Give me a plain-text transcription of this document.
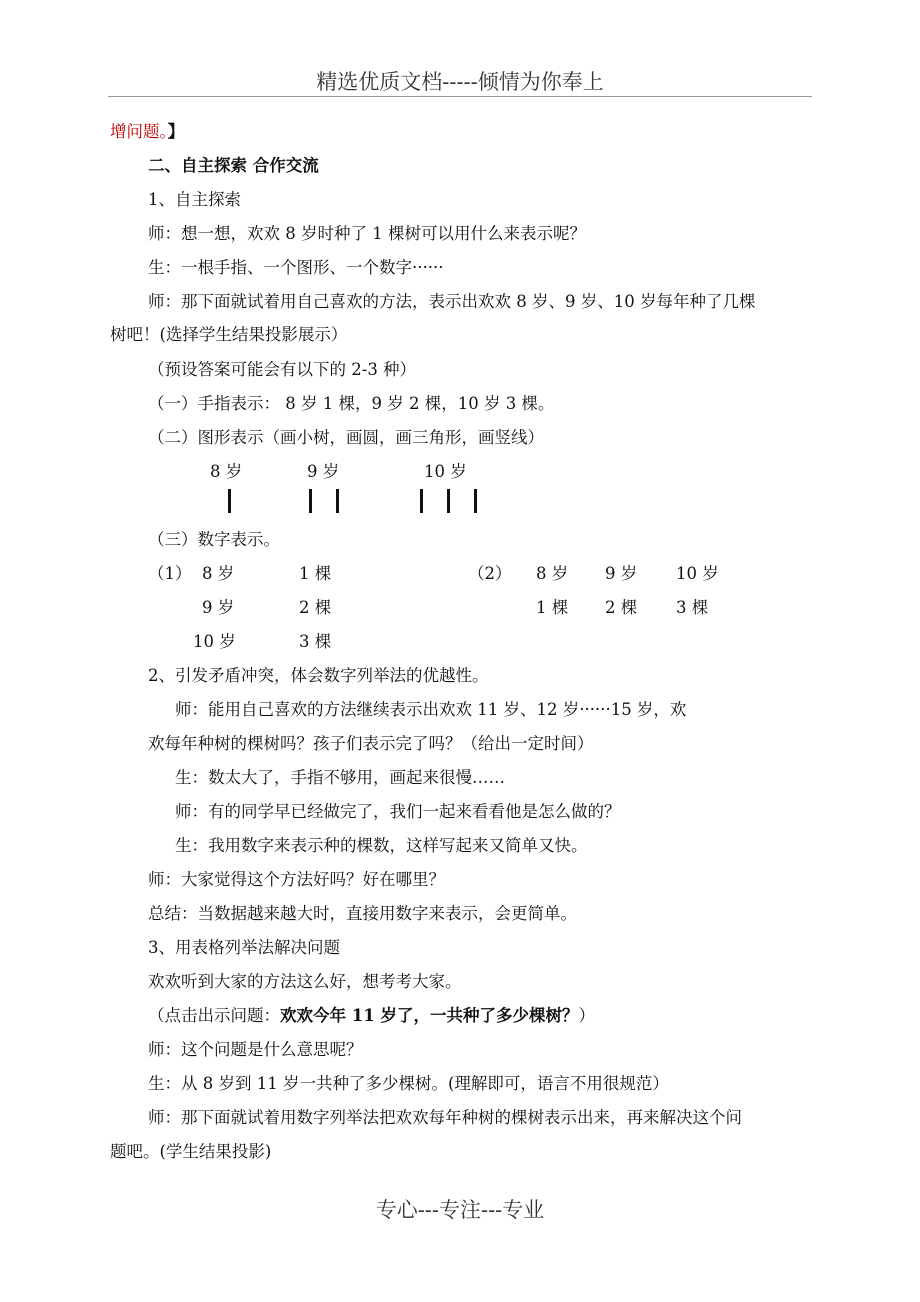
精选优质文档-----倾情为你奉上
增问题。】
二、自主探索 合作交流
1、自主探索
师：想一想，欢欢 8 岁时种了 1 棵树可以用什么来表示呢？
生：一根手指、一个图形、一个数字······
师：那下面就试着用自己喜欢的方法，表示出欢欢 8 岁、9 岁、10 岁每年种了几棵
树吧！(选择学生结果投影展示）
（预设答案可能会有以下的 2-3 种）
（一）手指表示： 8 岁 1 棵，9 岁 2 棵，10 岁 3 棵。
（二）图形表示（画小树，画圆，画三角形，画竖线）
8 岁	9 岁	10 岁
（三）数字表示。
（1） 8 岁	1 棵
9 岁	2 棵
10 岁	3 棵
（2） 8 岁 9 岁 10 岁
1 棵 2 棵 3 棵
2、引发矛盾冲突，体会数字列举法的优越性。
师：能用自己喜欢的方法继续表示出欢欢 11 岁、12 岁······15 岁，欢
欢每年种树的棵树吗？孩子们表示完了吗？（给出一定时间）
生：数太大了，手指不够用，画起来很慢……
师：有的同学早已经做完了，我们一起来看看他是怎么做的？
生：我用数字来表示种的棵数，这样写起来又简单又快。
师：大家觉得这个方法好吗？好在哪里？
总结：当数据越来越大时，直接用数字来表示，会更简单。
3、用表格列举法解决问题
欢欢听到大家的方法这么好，想考考大家。
（点击出示问题：欢欢今年 11 岁了，一共种了多少棵树？）
师：这个问题是什么意思呢？
生：从 8 岁到 11 岁一共种了多少棵树。(理解即可，语言不用很规范）
师：那下面就试着用数字列举法把欢欢每年种树的棵树表示出来，再来解决这个问
题吧。(学生结果投影)
专心---专注---专业
